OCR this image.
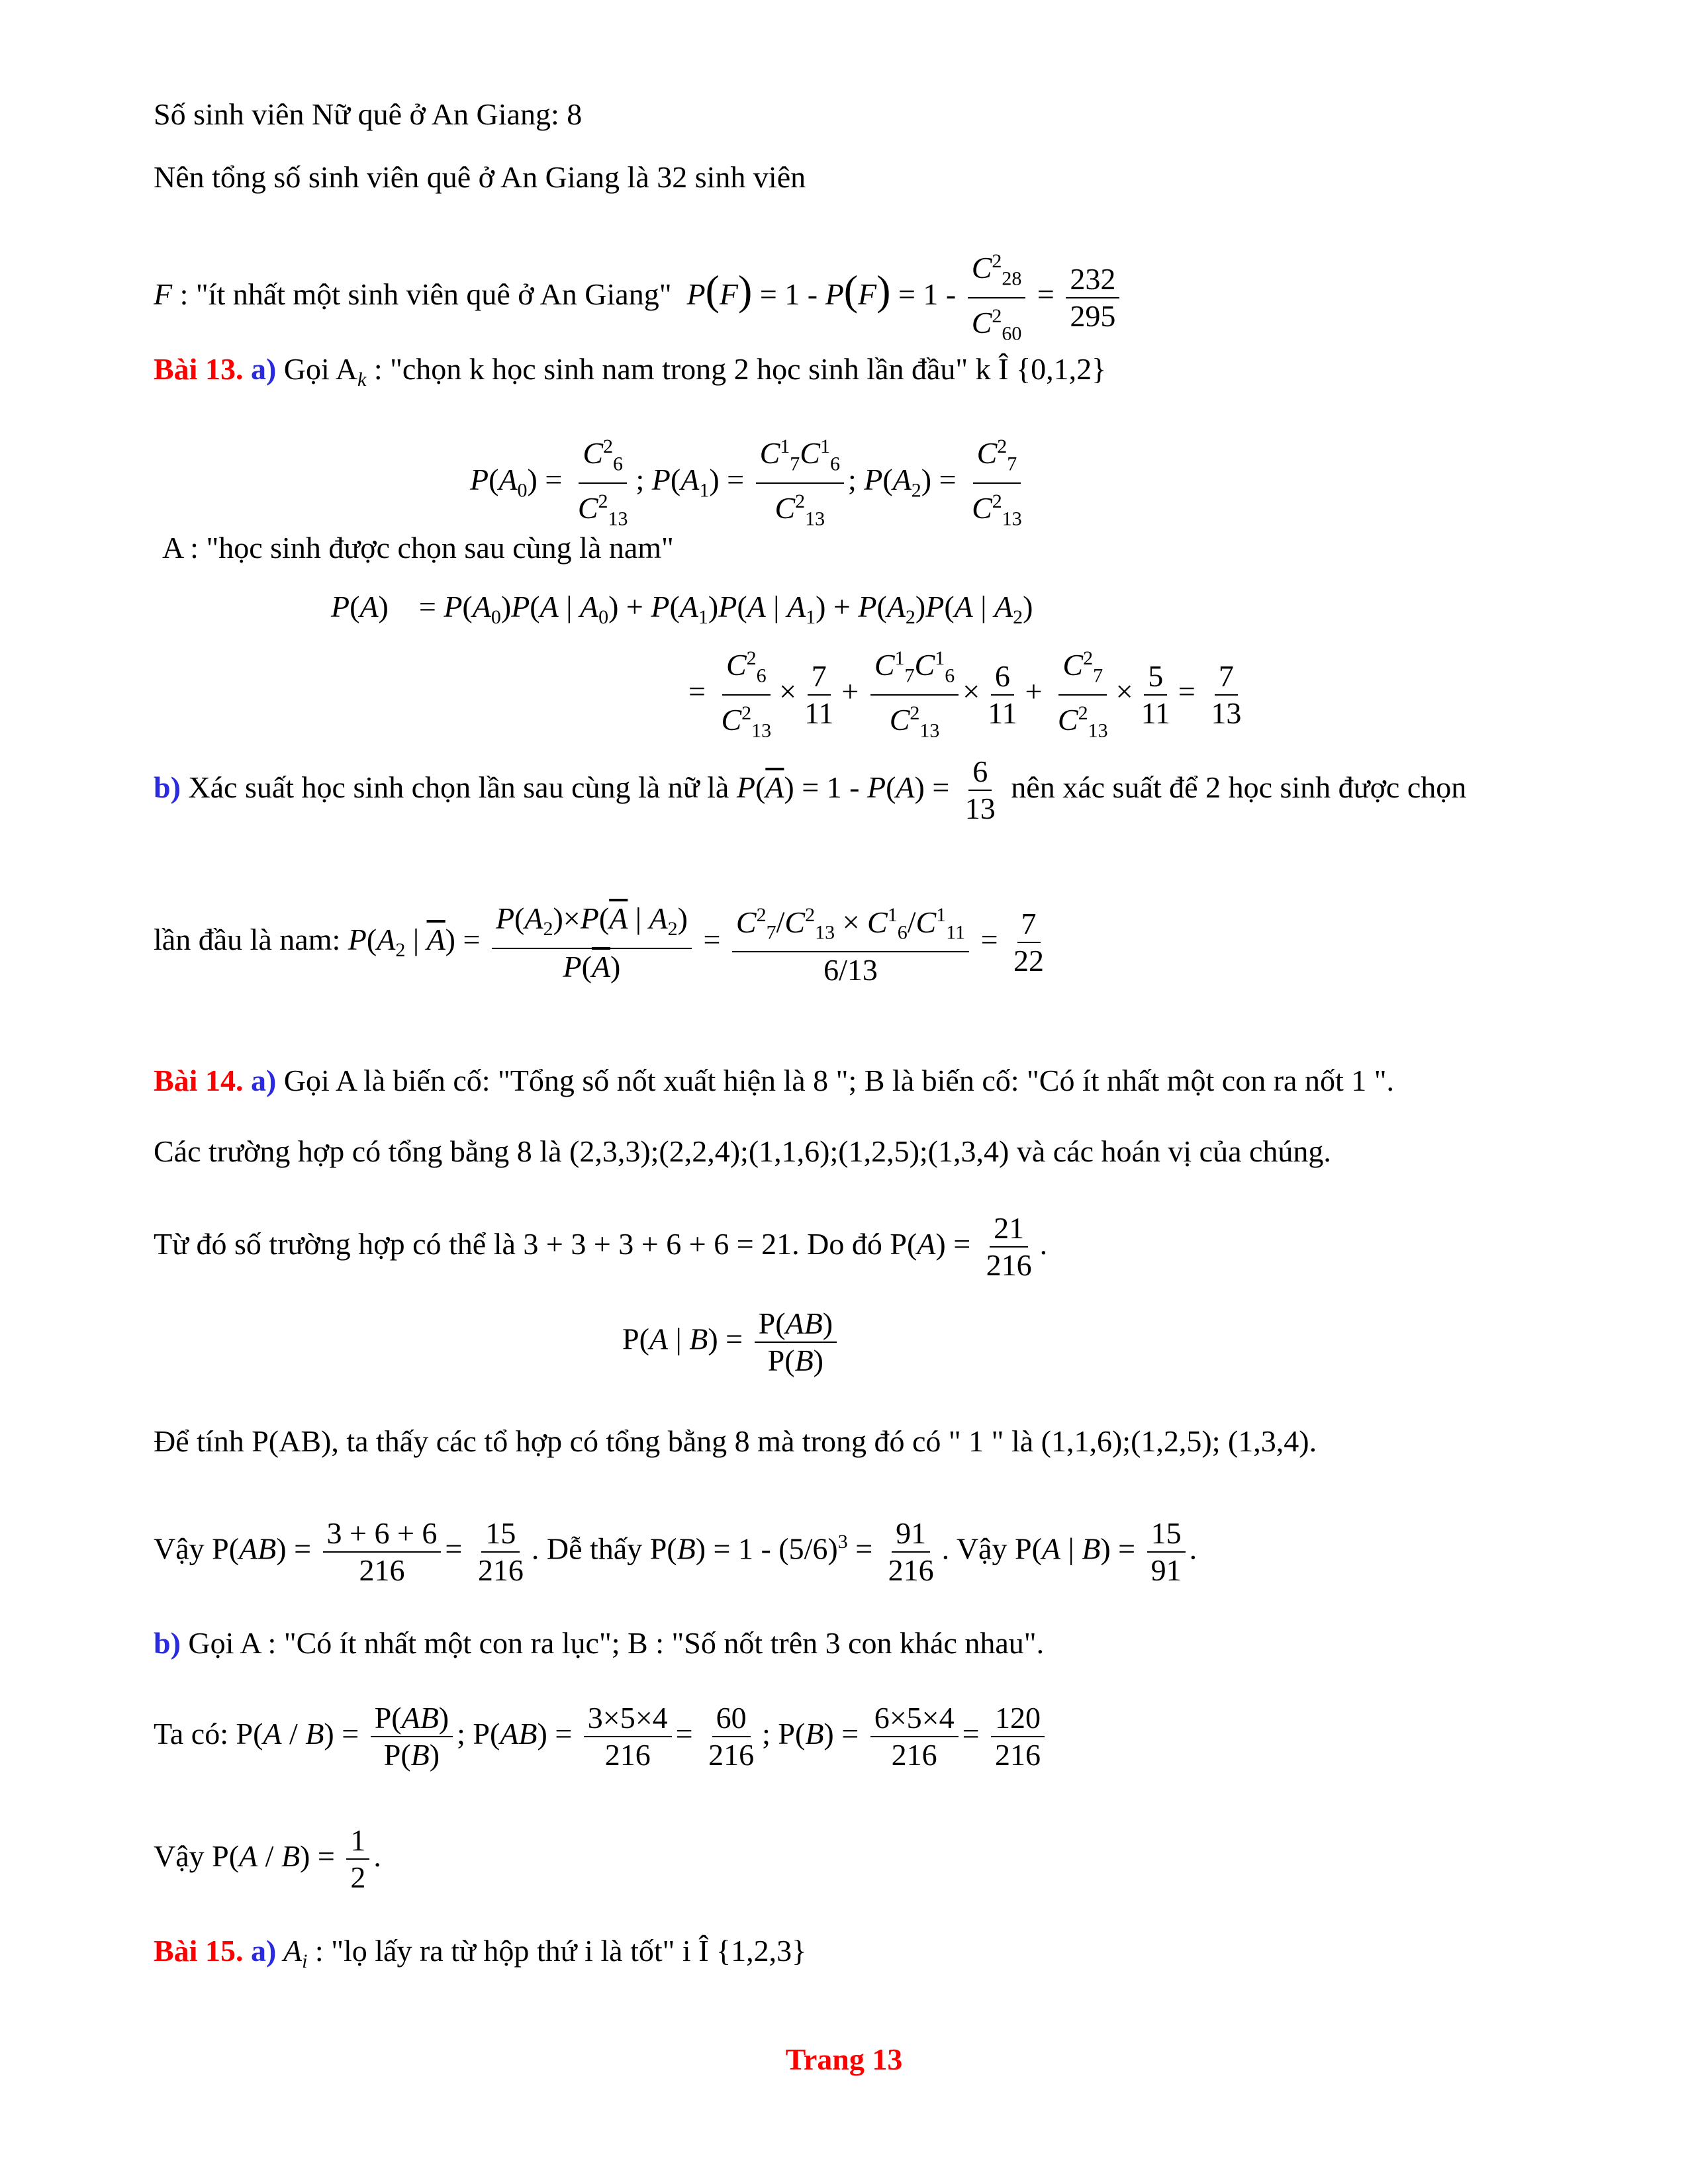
Số sinh viên Nữ quê ở An Giang: 8
Nên tổng số sinh viên quê ở An Giang là 32 sinh viên
F : "ít nhất một sinh viên quê ở An Giang"  $P(F) = 1 - P(F) = 1 - \frac{C^2_{28}}{C^2_{60}} = \frac{232}{295}$
Bài 13. a) Gọi $A_k$ : "chọn k học sinh nam trong 2 học sinh lần đầu" k Î {0,1,2}
$P(A_0) = \frac{C^2_6}{C^2_{13}}$ ; $P(A_1) = \frac{C^1_7C^1_6}{C^2_{13}}$ ; $P(A_2) = \frac{C^2_7}{C^2_{13}}$
A : "học sinh được chọn sau cùng là nam"
P(A)    = $P(A_0)P(A$ | $A_0) + P(A_1)P(A$ | $A_1) + P(A_2)P(A$ | $A_2$)
= $\frac{C^2_6}{C^2_{13}} \times \frac{7}{11} + \frac{C^1_7C^1_6}{C^2_{13}} \times \frac{6}{11} + \frac{C^2_7}{C^2_{13}} \times \frac{5}{11} = \frac{7}{13}$
b) Xác suất học sinh chọn lần sau cùng là nữ là $P(\overline{A}) = 1 - P(A) = \frac{6}{13}$ nên xác suất để 2 học sinh được chọn
lần đầu là nam: $P(A_2$ | $\overline{A}) = \frac{P(A_2)\times P(\overline{A} | A_2)}{P(\overline{A})} = \frac{C^2_7/C^2_{13} \times C^1_6/C^1_{11}}{6/13} = \frac{7}{22}$
Bài 14. a) Gọi A là biến cố: "Tổng số nốt xuất hiện là 8 "; B là biến cố: "Có ít nhất một con ra nốt 1 ".
Các trường hợp có tổng bằng 8 là (2,3,3);(2,2,4);(1,1,6);(1,2,5);(1,3,4) và các hoán vị của chúng.
Từ đó số trường hợp có thể là 3 + 3 + 3 + 6 + 6 = 21. Do đó $P(A) = \frac{21}{216}$ .
P(A | $B) = \frac{P(AB)}{P(B)}$
Để tính P(AB), ta thấy các tổ hợp có tổng bằng 8 mà trong đó có " 1 " là (1,1,6);(1,2,5); (1,3,4).
Vậy $P(AB) = \frac{3 + 6 + 6}{216} = \frac{15}{216}$ . Dễ thấy $P(B) = 1 - (5/6)^3 = \frac{91}{216}$ . Vậy P(A | $B) = \frac{15}{91}$ .
b) Gọi A : "Có ít nhất một con ra lục"; B : "Số nốt trên 3 con khác nhau".
Ta có: $P(A / B) = \frac{P(AB)}{P(B)}$ ; $P(AB) = \frac{3\times 5\times 4}{216} = \frac{60}{216}$ ; $P(B) = \frac{6\times 5\times 4}{216} = \frac{120}{216}$
Vậy $P(A / B) = \frac{1}{2}$ .
Bài 15. a) $A_i$ : "lọ lấy ra từ hộp thứ i là tốt" i Î {1,2,3}
Trang 13
